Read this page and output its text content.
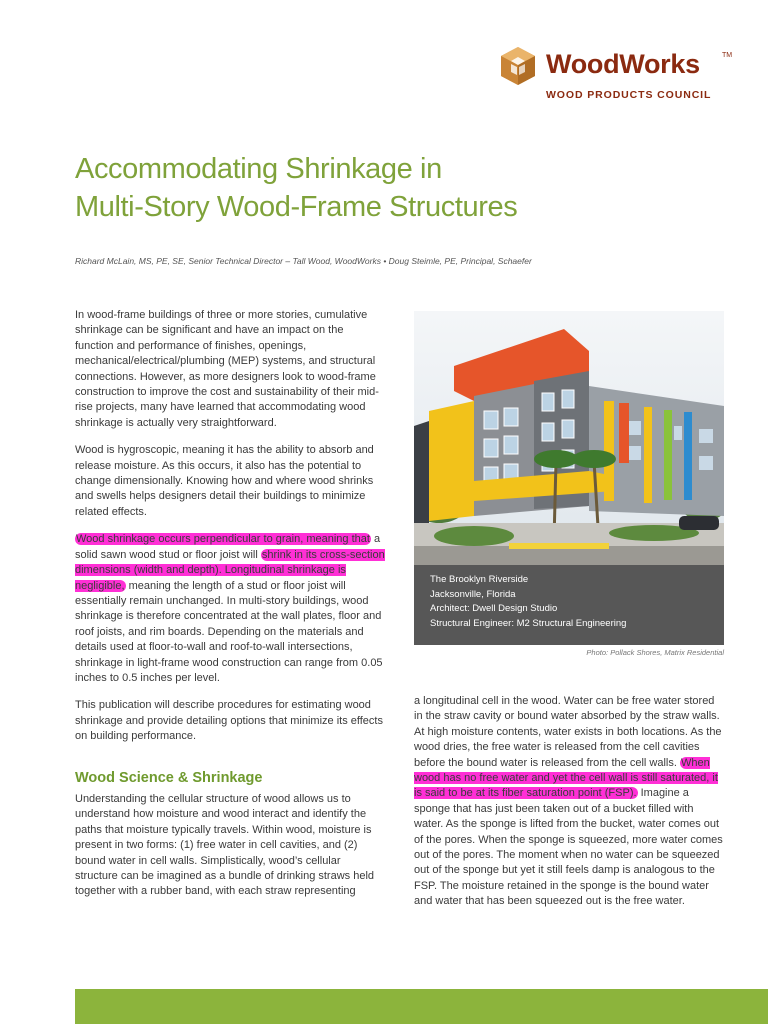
WoodWorks	TM
WOOD PRODUCTS COUNCIL
Accommodating Shrinkage in
Multi-Story Wood-Frame Structures
Richard McLain, MS, PE, SE, Senior Technical Director – Tall Wood, WoodWorks • Doug Steimle, PE, Principal, Schaefer

In wood-frame buildings of three or more stories, cumulative shrinkage can be significant and have an impact on the function and performance of finishes, openings, mechanical/electrical/plumbing (MEP) systems, and structural connections. However, as more designers look to wood-frame construction to improve the cost and sustainability of their mid-rise projects, many have learned that accommodating wood shrinkage is actually very straightforward.

Wood is hygroscopic, meaning it has the ability to absorb and release moisture. As this occurs, it also has the potential to change dimensionally. Knowing how and where wood shrinks and swells helps designers detail their buildings to minimize related effects.

Wood shrinkage occurs perpendicular to grain, meaning that a solid sawn wood stud or floor joist will shrink in its cross-section dimensions (width and depth). Longitudinal shrinkage is negligible, meaning the length of a stud or floor joist will essentially remain unchanged. In multi-story buildings, wood shrinkage is therefore concentrated at the wall plates, floor and roof joists, and rim boards. Depending on the materials and details used at floor-to-wall and roof-to-wall intersections, shrinkage in light-frame wood construction can range from 0.05 inches to 0.5 inches per level.

This publication will describe procedures for estimating wood shrinkage and provide detailing options that minimize its effects on building performance.

Wood Science & Shrinkage

Understanding the cellular structure of wood allows us to understand how moisture and wood interact and identify the paths that moisture typically travels. Within wood, moisture is present in two forms: (1) free water in cell cavities, and (2) bound water in cell walls. Simplistically, wood’s cellular structure can be imagined as a bundle of drinking straws held together with a rubber band, with each straw representing

The Brooklyn Riverside
Jacksonville, Florida
Architect: Dwell Design Studio
Structural Engineer: M2 Structural Engineering
Photo: Pollack Shores, Matrix Residential

a longitudinal cell in the wood. Water can be free water stored in the straw cavity or bound water absorbed by the straw walls. At high moisture contents, water exists in both locations. As the wood dries, the free water is released from the cell cavities before the bound water is released from the cell walls. When wood has no free water and yet the cell wall is still saturated, it is said to be at its fiber saturation point (FSP). Imagine a sponge that has just been taken out of a bucket filled with water. As the sponge is lifted from the bucket, water comes out of the pores. When the sponge is squeezed, more water comes out of the pores. The moment when no water can be squeezed out of the sponge but yet it still feels damp is analogous to the FSP. The moisture retained in the sponge is the bound water and water that has been squeezed out is the free water.
